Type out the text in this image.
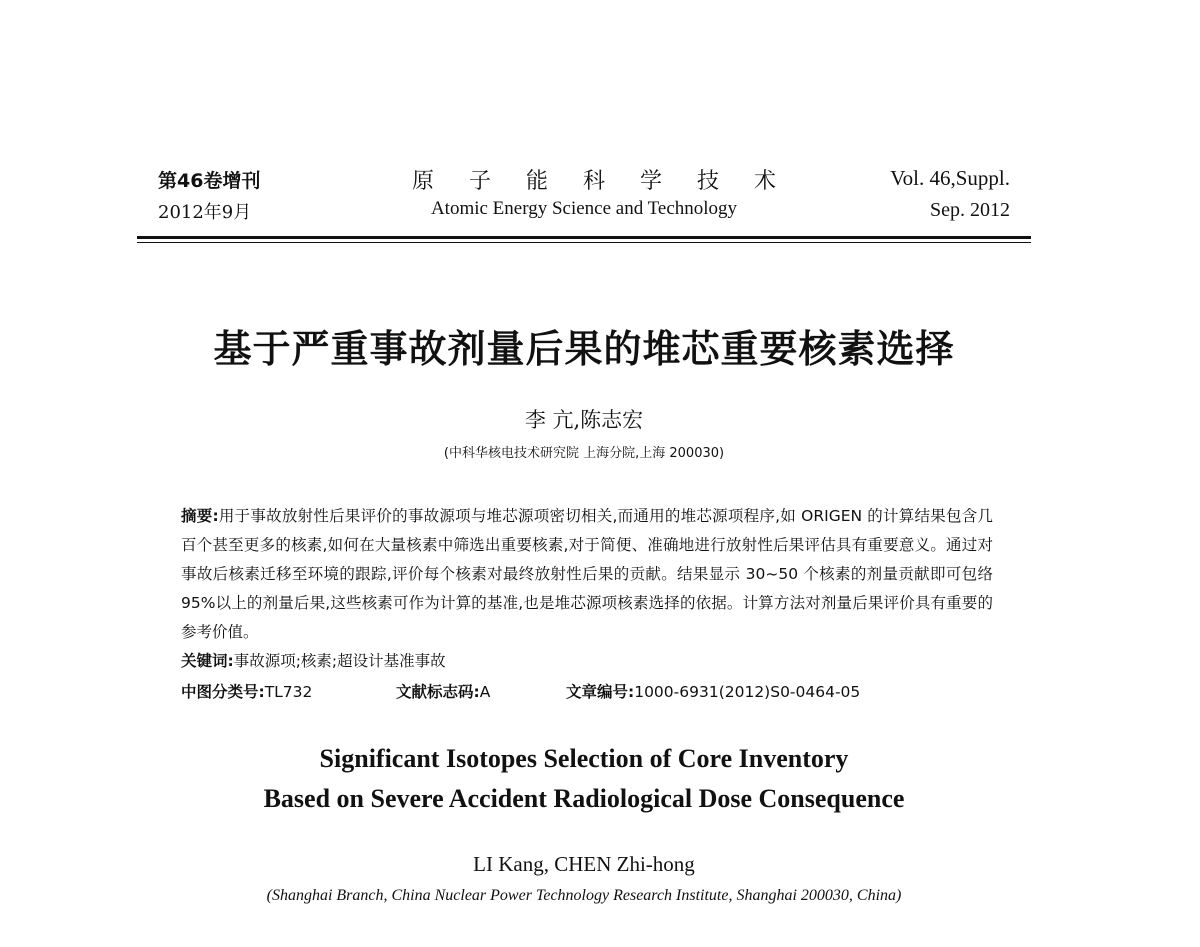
第46卷增刊
2012年9月
原 子 能 科 学 技 术
Atomic Energy Science and Technology
Vol. 46,Suppl.
Sep. 2012
基于严重事故剂量后果的堆芯重要核素选择
李 亢,陈志宏
(中科华核电技术研究院 上海分院,上海 200030)
摘要:用于事故放射性后果评价的事故源项与堆芯源项密切相关,而通用的堆芯源项程序,如 ORIGEN 的计算结果包含几百个甚至更多的核素,如何在大量核素中筛选出重要核素,对于简便、准确地进行放射性后果评估具有重要意义。通过对事故后核素迁移至环境的跟踪,评价每个核素对最终放射性后果的贡献。结果显示 30~50 个核素的剂量贡献即可包络 95%以上的剂量后果,这些核素可作为计算的基准,也是堆芯源项核素选择的依据。计算方法对剂量后果评价具有重要的参考价值。
关键词:事故源项;核素;超设计基准事故
中图分类号:TL732	文献标志码:A	文章编号:1000-6931(2012)S0-0464-05
Significant Isotopes Selection of Core Inventory
Based on Severe Accident Radiological Dose Consequence
LI Kang, CHEN Zhi-hong
(Shanghai Branch, China Nuclear Power Technology Research Institute, Shanghai 200030, China)
